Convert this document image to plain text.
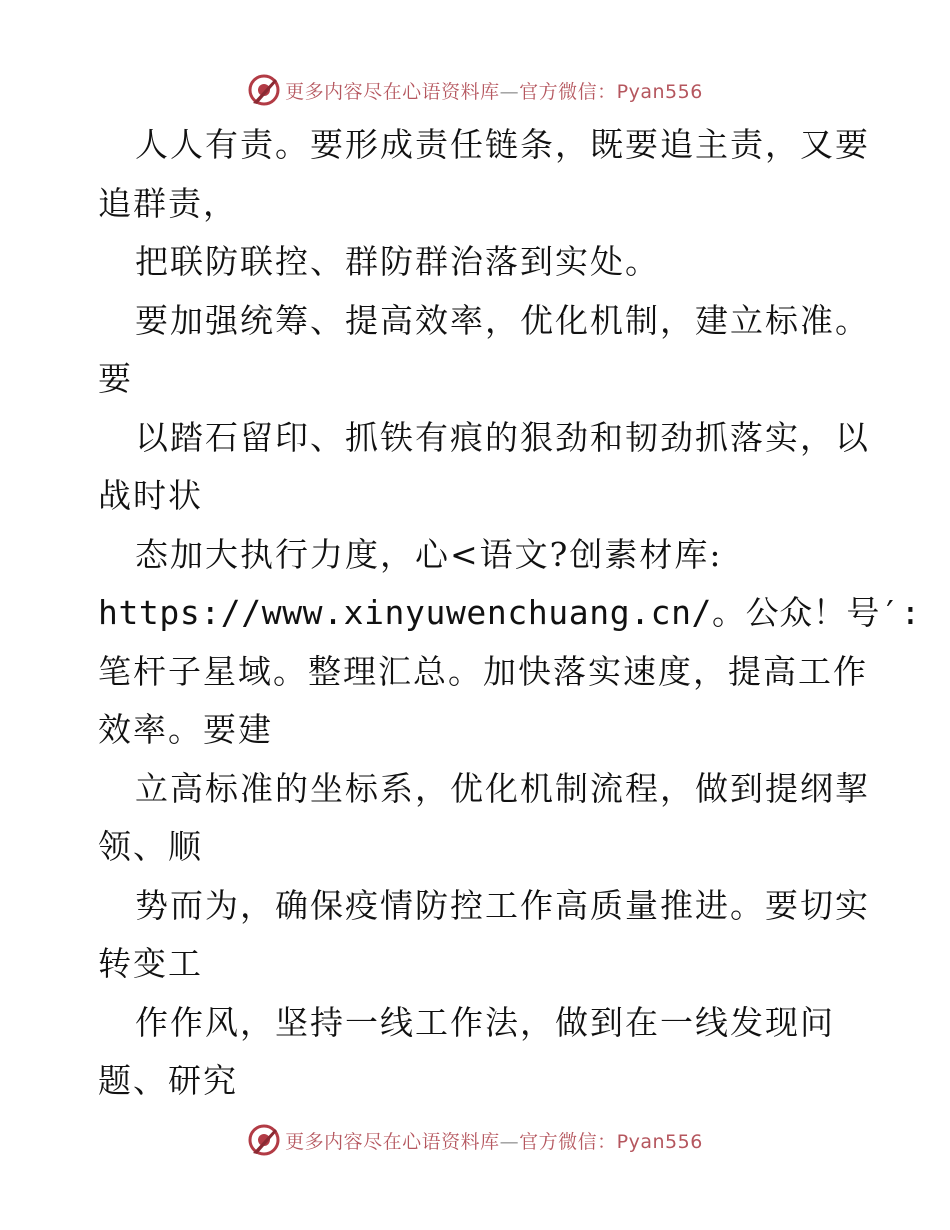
更多内容尽在心语资料库—官方微信：Pyan556
人人有责。要形成责任链条，既要追主责，又要
追群责，
把联防联控、群防群治落到实处。
要加强统筹、提高效率，优化机制，建立标准。
要
以踏石留印、抓铁有痕的狠劲和韧劲抓落实，以
战时状
态加大执行力度，心<语文?创素材库:
https://www.xinyuwenchuang.cn/。公众！号′:
笔杆子星域。整理汇总。加快落实速度，提高工作
效率。要建
立高标准的坐标系，优化机制流程，做到提纲挈
领、顺
势而为，确保疫情防控工作高质量推进。要切实
转变工
作作风，坚持一线工作法，做到在一线发现问
题、研究
更多内容尽在心语资料库—官方微信：Pyan556
